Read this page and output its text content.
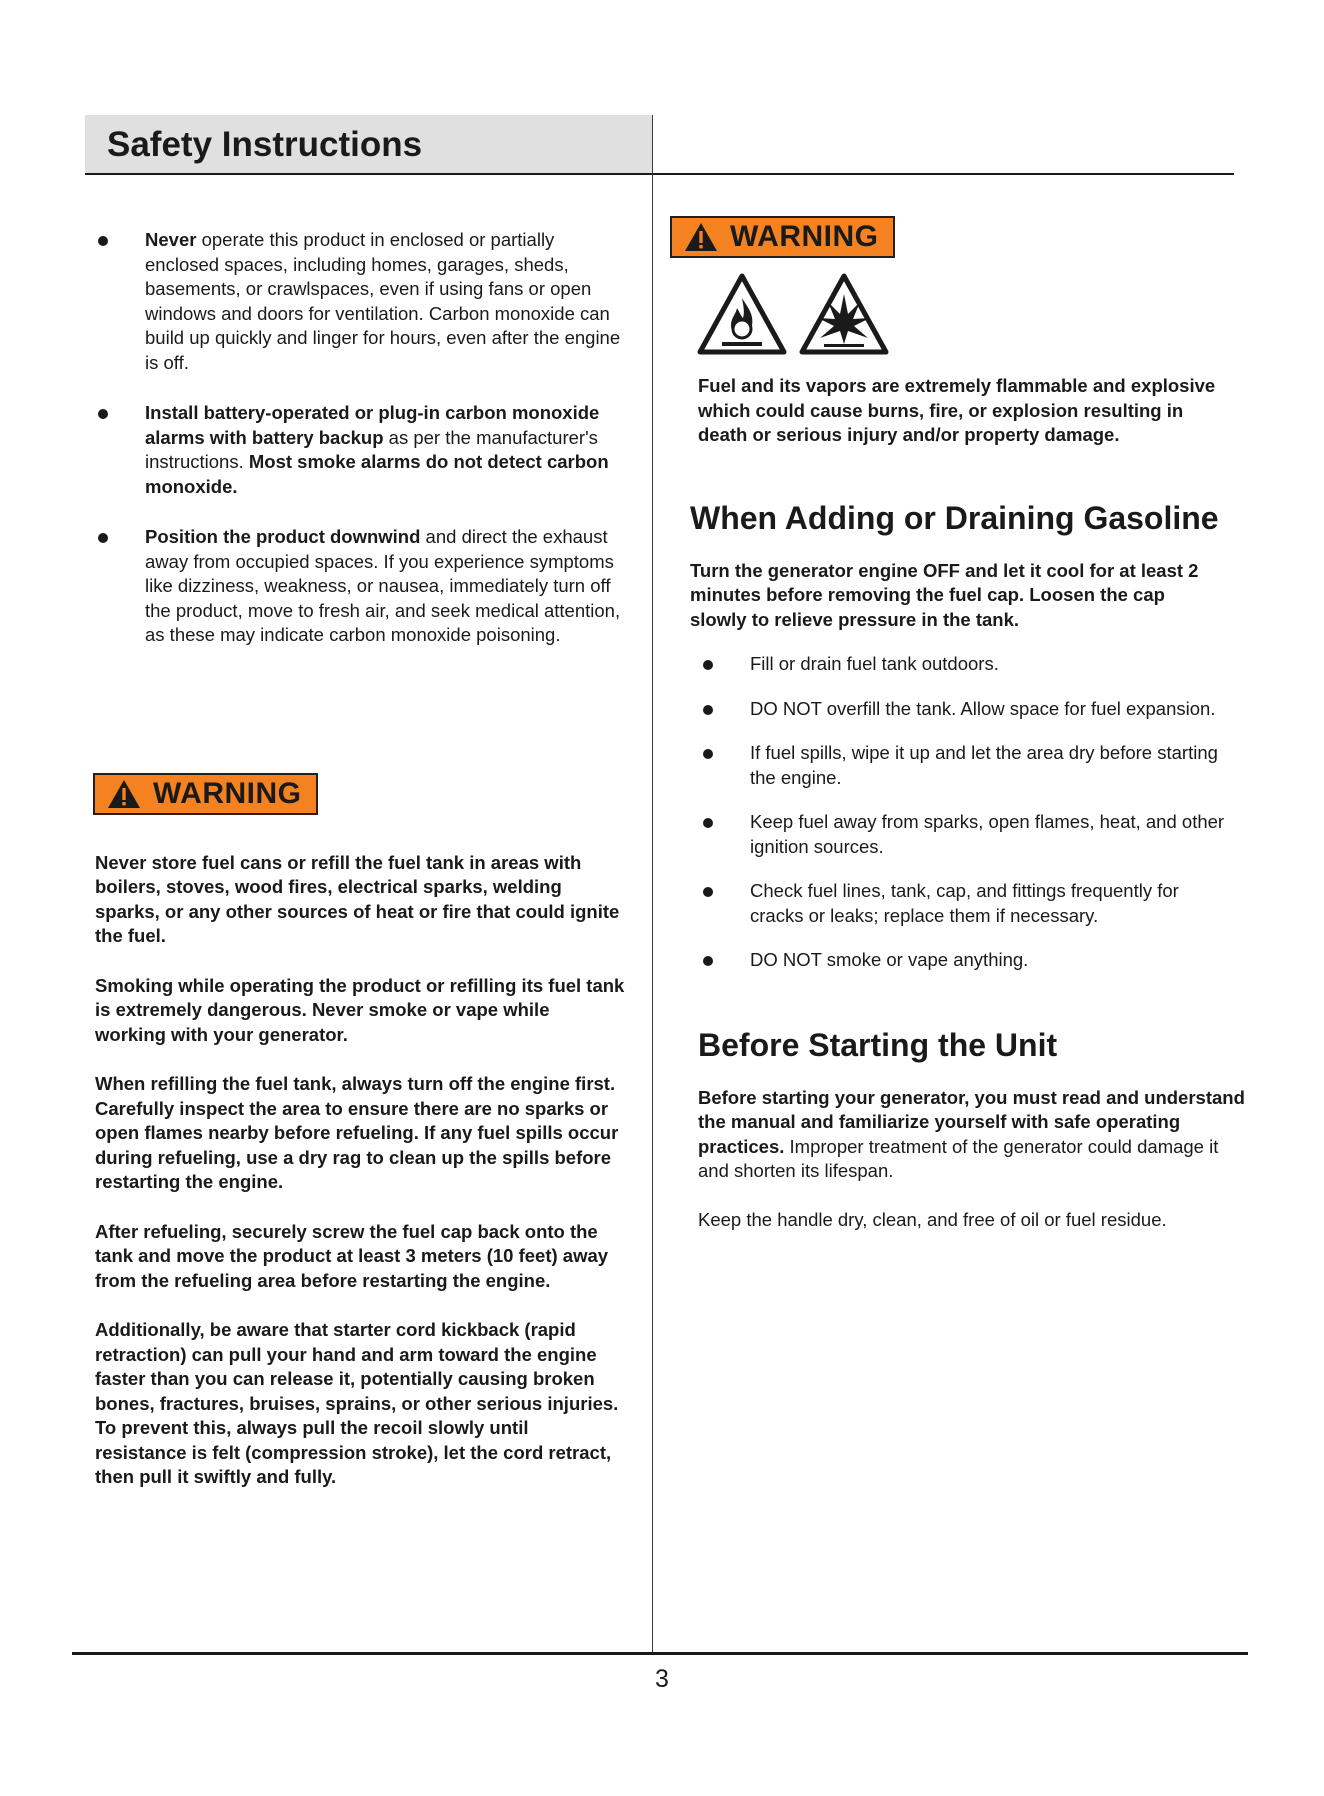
Safety Instructions
Never operate this product in enclosed or partially enclosed spaces, including homes, garages, sheds, basements, or crawlspaces, even if using fans or open windows and doors for ventilation. Carbon monoxide can build up quickly and linger for hours, even after the engine is off.
Install battery-operated or plug-in carbon monoxide alarms with battery backup as per the manufacturer's instructions. Most smoke alarms do not detect carbon monoxide.
Position the product downwind and direct the exhaust away from occupied spaces. If you experience symptoms like dizziness, weakness, or nausea, immediately turn off the product, move to fresh air, and seek medical attention, as these may indicate carbon monoxide poisoning.
WARNING

Never store fuel cans or refill the fuel tank in areas with boilers, stoves, wood fires, electrical sparks, welding sparks, or any other sources of heat or fire that could ignite the fuel.

Smoking while operating the product or refilling its fuel tank is extremely dangerous. Never smoke or vape while working with your generator.

When refilling the fuel tank, always turn off the engine first. Carefully inspect the area to ensure there are no sparks or open flames nearby before refueling. If any fuel spills occur during refueling, use a dry rag to clean up the spills before restarting the engine.

After refueling, securely screw the fuel cap back onto the tank and move the product at least 3 meters (10 feet) away from the refueling area before restarting the engine.

Additionally, be aware that starter cord kickback (rapid retraction) can pull your hand and arm toward the engine faster than you can release it, potentially causing broken bones, fractures, bruises, sprains, or other serious injuries. To prevent this, always pull the recoil slowly until resistance is felt (compression stroke), let the cord retract, then pull it swiftly and fully.

WARNING

Fuel and its vapors are extremely flammable and explosive which could cause burns, fire, or explosion resulting in death or serious injury and/or property damage.

When Adding or Draining Gasoline

Turn the generator engine OFF and let it cool for at least 2 minutes before removing the fuel cap. Loosen the cap slowly to relieve pressure in the tank.

Fill or drain fuel tank outdoors.
DO NOT overfill the tank. Allow space for fuel expansion.
If fuel spills, wipe it up and let the area dry before starting the engine.
Keep fuel away from sparks, open flames, heat, and other ignition sources.
Check fuel lines, tank, cap, and fittings frequently for cracks or leaks; replace them if necessary.
DO NOT smoke or vape anything.
Before Starting the Unit

Before starting your generator, you must read and understand the manual and familiarize yourself with safe operating practices. Improper treatment of the generator could damage it and shorten its lifespan.

Keep the handle dry, clean, and free of oil or fuel residue.

3
